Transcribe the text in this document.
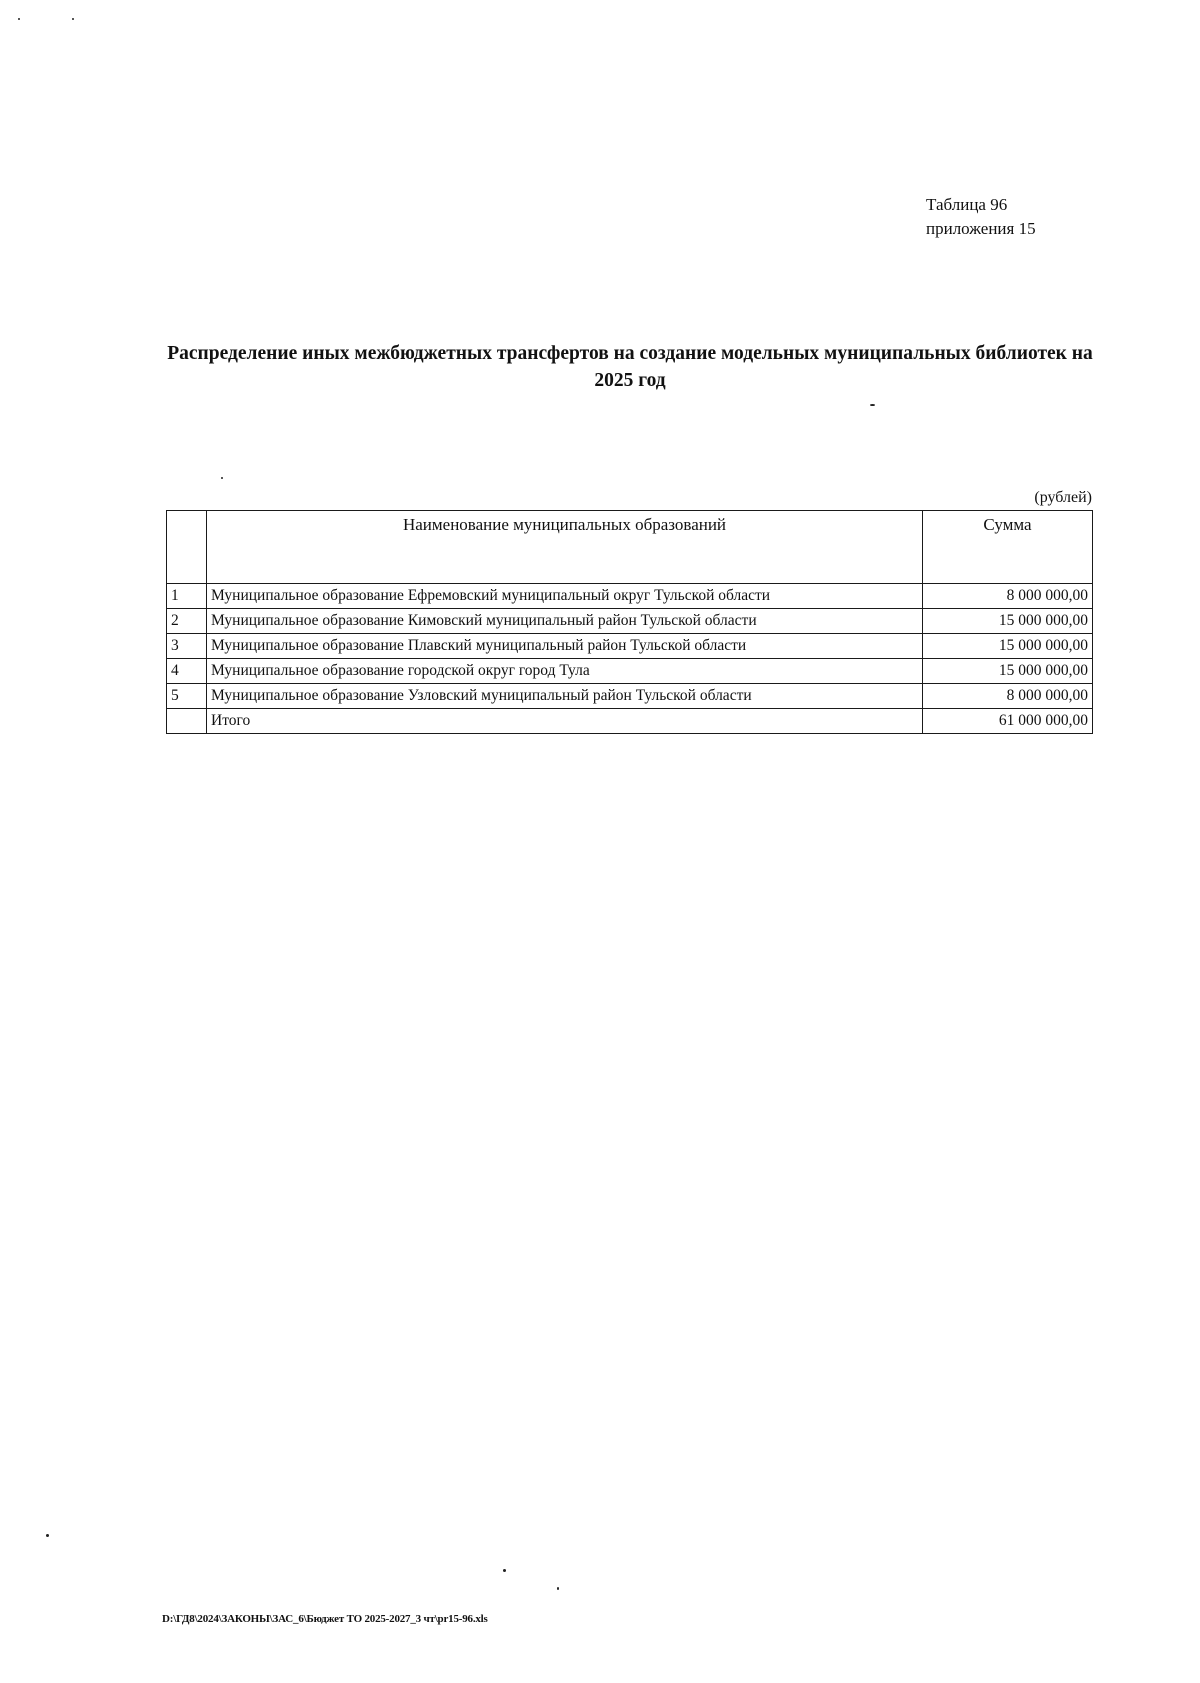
Таблица 96
приложения 15
Распределение иных межбюджетных трансфертов на создание модельных муниципальных библиотек на 2025 год
(рублей)
	Наименование муниципальных образований	Сумма
1	Муниципальное образование Ефремовский муниципальный округ Тульской области	8 000 000,00
2	Муниципальное образование Кимовский муниципальный район Тульской области	15 000 000,00
3	Муниципальное образование Плавский муниципальный район Тульской области	15 000 000,00
4	Муниципальное образование городской округ город Тула	15 000 000,00
5	Муниципальное образование Узловский муниципальный район Тульской области	8 000 000,00
	Итого	61 000 000,00
D:\ГД8\2024\ЗАКОНЫ\ЗАС_6\Бюджет ТО 2025-2027_3 чт\pr15-96.xls
